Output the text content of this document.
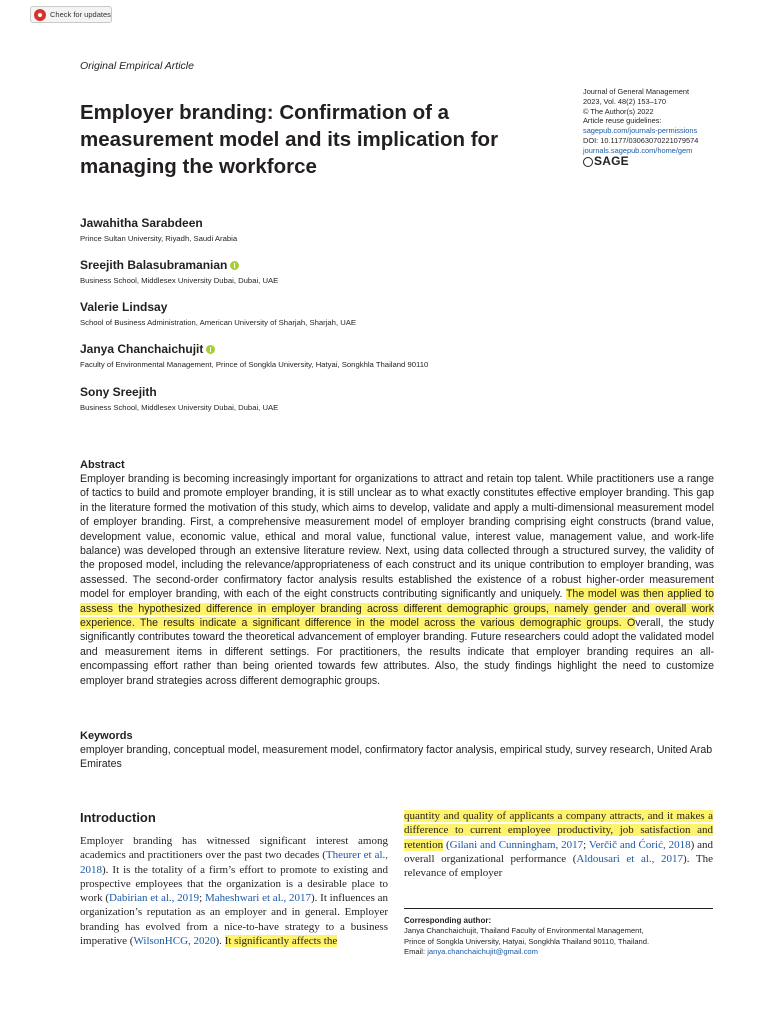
Check for updates
Original Empirical Article
Employer branding: Confirmation of a measurement model and its implication for managing the workforce
Journal of General Management
2023, Vol. 48(2) 153–170
© The Author(s) 2022
Article reuse guidelines:
sagepub.com/journals-permissions
DOI: 10.1177/03063070221079574
journals.sagepub.com/home/gem
SAGE
Jawahitha Sarabdeen
Prince Sultan University, Riyadh, Saudi Arabia
Sreejith Balasubramanian
Business School, Middlesex University Dubai, Dubai, UAE
Valerie Lindsay
School of Business Administration, American University of Sharjah, Sharjah, UAE
Janya Chanchaichujit
Faculty of Environmental Management, Prince of Songkla University, Hatyai, Songkhla Thailand 90110
Sony Sreejith
Business School, Middlesex University Dubai, Dubai, UAE
Abstract
Employer branding is becoming increasingly important for organizations to attract and retain top talent. While practitioners use a range of tactics to build and promote employer branding, it is still unclear as to what exactly constitutes effective employer branding. This gap in the literature formed the motivation of this study, which aims to develop, validate and apply a multi-dimensional measurement model of employer branding. First, a comprehensive measurement model of employer branding comprising eight constructs (brand value, development value, economic value, ethical and moral value, functional value, interest value, management value, and work-life balance) was developed through an extensive literature review. Next, using data collected through a structured survey, the validity of the proposed model, including the relevance/appropriateness of each construct and its unique contribution to employer branding, was assessed. The second-order confirmatory factor analysis results established the existence of a robust higher-order measurement model for employer branding, with each of the eight constructs contributing significantly and uniquely. The model was then applied to assess the hypothesized difference in employer branding across different demographic groups, namely gender and overall work experience. The results indicate a significant difference in the model across the various demographic groups. Overall, the study significantly contributes toward the theoretical advancement of employer branding. Future researchers could adopt the validated model and measurement items in different settings. For practitioners, the results indicate that employer branding requires an all-encompassing effort rather than being oriented towards few attributes. Also, the study findings highlight the need to customize employer brand strategies across different demographic groups.
Keywords
employer branding, conceptual model, measurement model, confirmatory factor analysis, empirical study, survey research, United Arab Emirates
Introduction
Employer branding has witnessed significant interest among academics and practitioners over the past two decades (Theurer et al., 2018). It is the totality of a firm’s effort to promote to existing and prospective employees that the organization is a desirable place to work (Dabirian et al., 2019; Maheshwari et al., 2017). It influences an organization’s reputation as an employer and in general. Employer branding has evolved from a nice-to-have strategy to a business imperative (WilsonHCG, 2020). It significantly affects the
quantity and quality of applicants a company attracts, and it makes a difference to current employee productivity, job satisfaction and retention (Gilani and Cunningham, 2017; Verčič and Ćorić, 2018) and overall organizational performance (Aldousari et al., 2017). The relevance of employer
Corresponding author:
Janya Chanchaichujit, Thailand Faculty of Environmental Management,
Prince of Songkla University, Hatyai, Songkhla Thailand 90110, Thailand.
Email: janya.chanchaichujit@gmail.com
